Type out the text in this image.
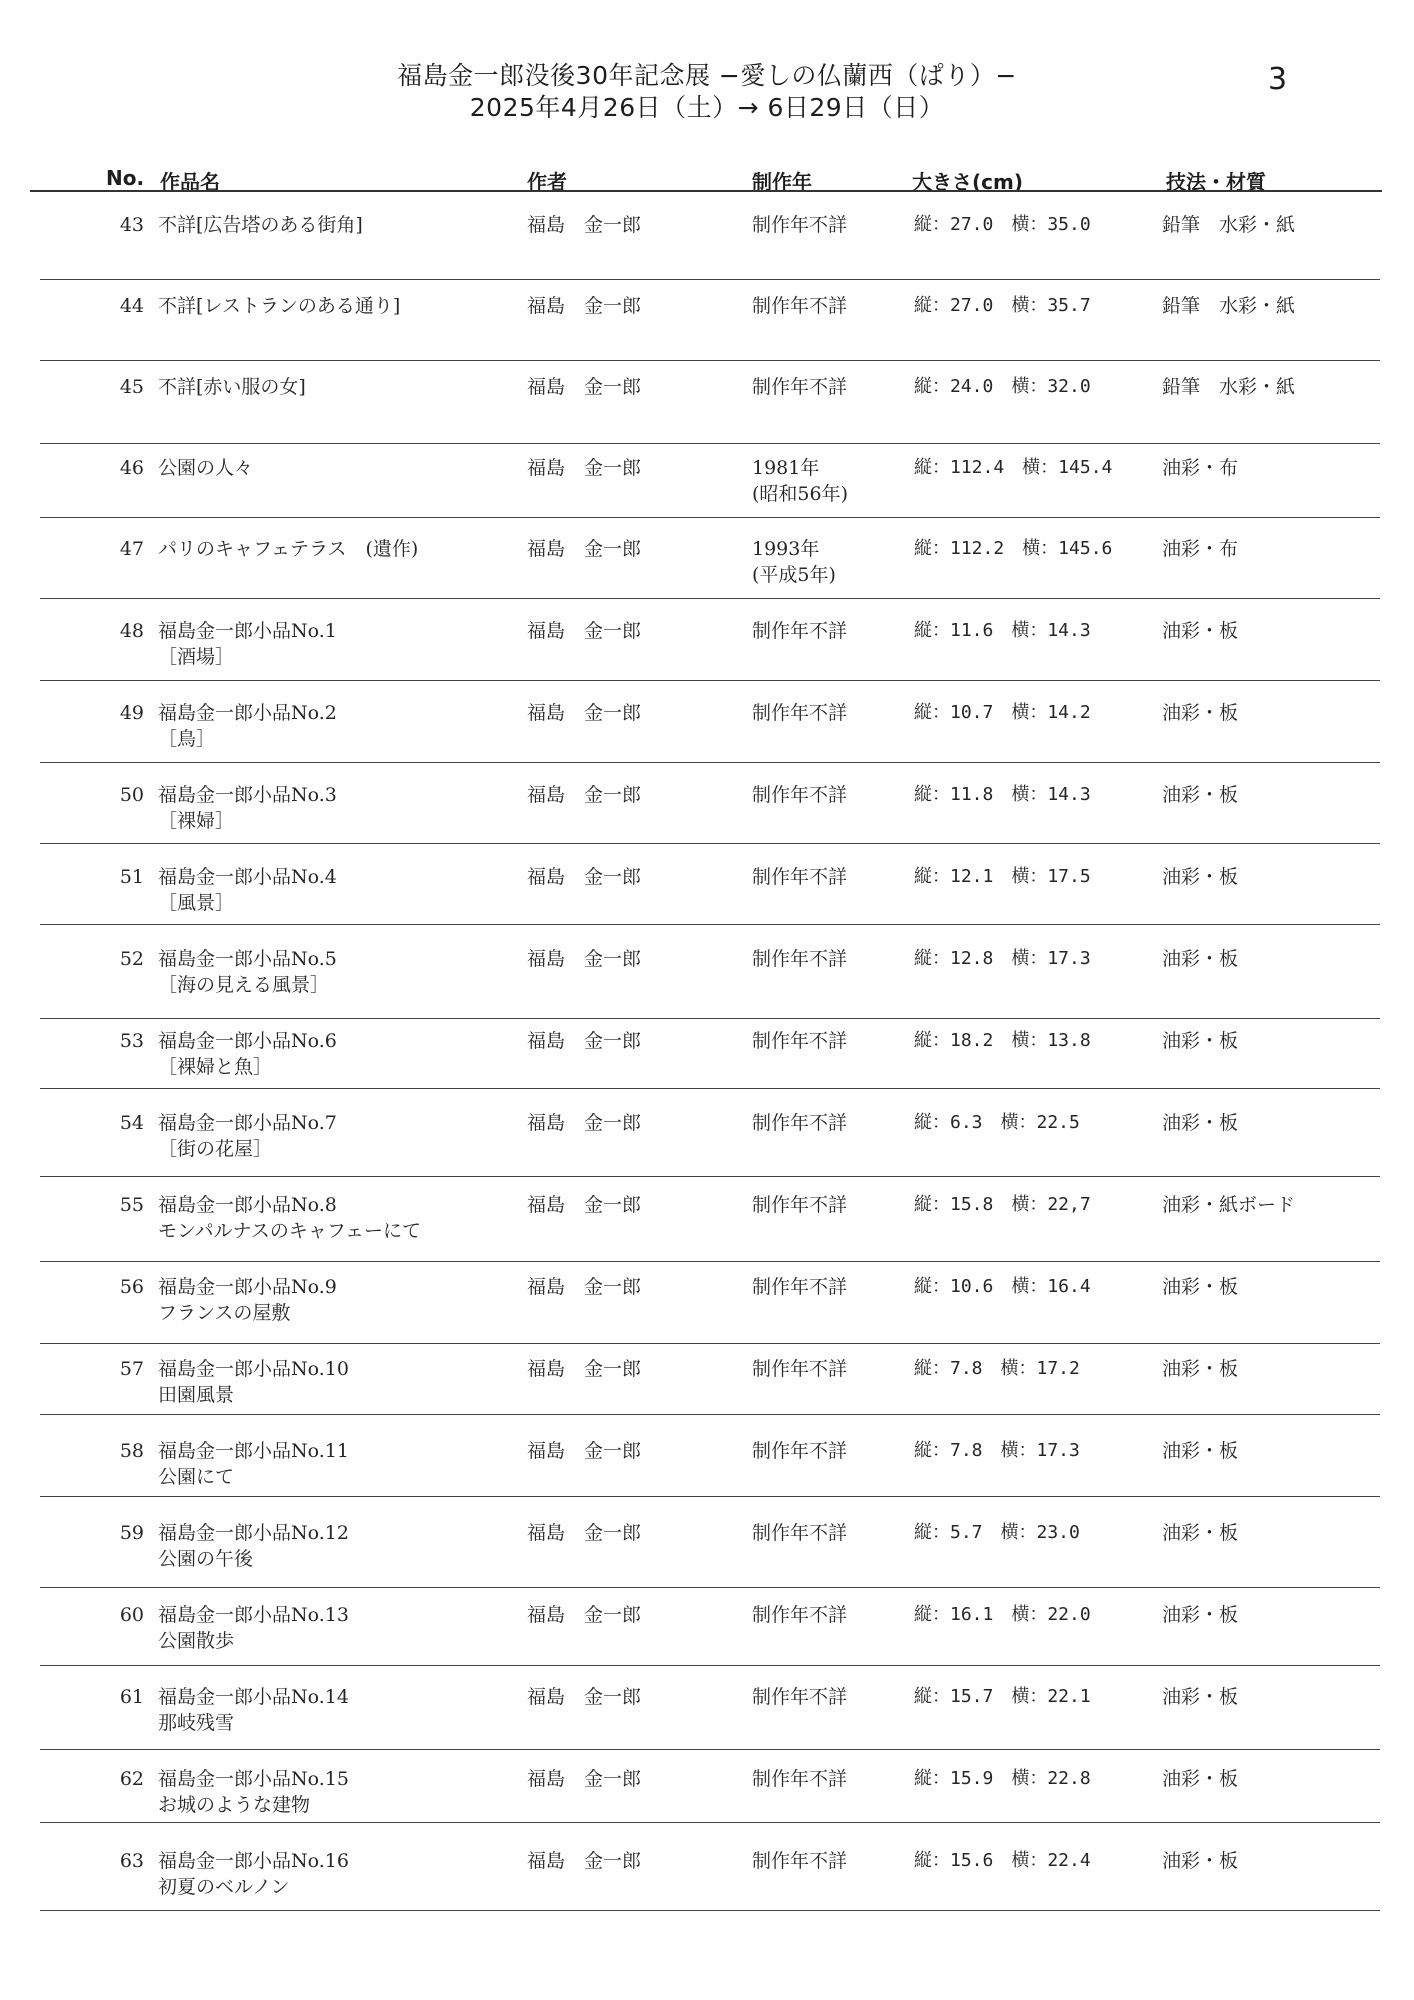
福島金一郎没後30年記念展 −愛しの仏蘭西（ぱり）−
2025年4月26日（土）→ 6日29日（日）
3
No. 作品名	作者	制作年	大きさ(cm)	技法・材質
43 不詳[広告塔のある街角]	福島　金一郎	制作年不詳	縦：27.0　横：35.0	鉛筆　水彩・紙
44 不詳[レストランのある通り]	福島　金一郎	制作年不詳	縦：27.0　横：35.7	鉛筆　水彩・紙
45 不詳[赤い服の女]	福島　金一郎	制作年不詳	縦：24.0　横：32.0	鉛筆　水彩・紙
46 公園の人々	福島　金一郎	1981年	縦：112.4　横：145.4	油彩・布
(昭和56年)
47 パリのキャフェテラス　(遺作)	福島　金一郎	1993年	縦：112.2　横：145.6	油彩・布
(平成5年)
48 福島金一郎小品No.1	福島　金一郎	制作年不詳	縦：11.6　横：14.3	油彩・板
［酒場］
49 福島金一郎小品No.2	福島　金一郎	制作年不詳	縦：10.7　横：14.2	油彩・板
［鳥］
50 福島金一郎小品No.3	福島　金一郎	制作年不詳	縦：11.8　横：14.3	油彩・板
［裸婦］
51 福島金一郎小品No.4	福島　金一郎	制作年不詳	縦：12.1　横：17.5	油彩・板
［風景］
52 福島金一郎小品No.5	福島　金一郎	制作年不詳	縦：12.8　横：17.3	油彩・板
［海の見える風景］
53 福島金一郎小品No.6	福島　金一郎	制作年不詳	縦：18.2　横：13.8	油彩・板
［裸婦と魚］
54 福島金一郎小品No.7	福島　金一郎	制作年不詳	縦：6.3　横：22.5	油彩・板
［街の花屋］
55 福島金一郎小品No.8	福島　金一郎	制作年不詳	縦：15.8　横：22,7	油彩・紙ボード
モンパルナスのキャフェーにて
56 福島金一郎小品No.9	福島　金一郎	制作年不詳	縦：10.6　横：16.4	油彩・板
フランスの屋敷
57 福島金一郎小品No.10	福島　金一郎	制作年不詳	縦：7.8　横：17.2	油彩・板
田園風景
58 福島金一郎小品No.11	福島　金一郎	制作年不詳	縦：7.8　横：17.3	油彩・板
公園にて
59 福島金一郎小品No.12	福島　金一郎	制作年不詳	縦：5.7　横：23.0	油彩・板
公園の午後
60 福島金一郎小品No.13	福島　金一郎	制作年不詳	縦：16.1　横：22.0	油彩・板
公園散歩
61 福島金一郎小品No.14	福島　金一郎	制作年不詳	縦：15.7　横：22.1	油彩・板
那岐残雪
62 福島金一郎小品No.15	福島　金一郎	制作年不詳	縦：15.9　横：22.8	油彩・板
お城のような建物
63 福島金一郎小品No.16	福島　金一郎	制作年不詳	縦：15.6　横：22.4	油彩・板
初夏のベルノン
